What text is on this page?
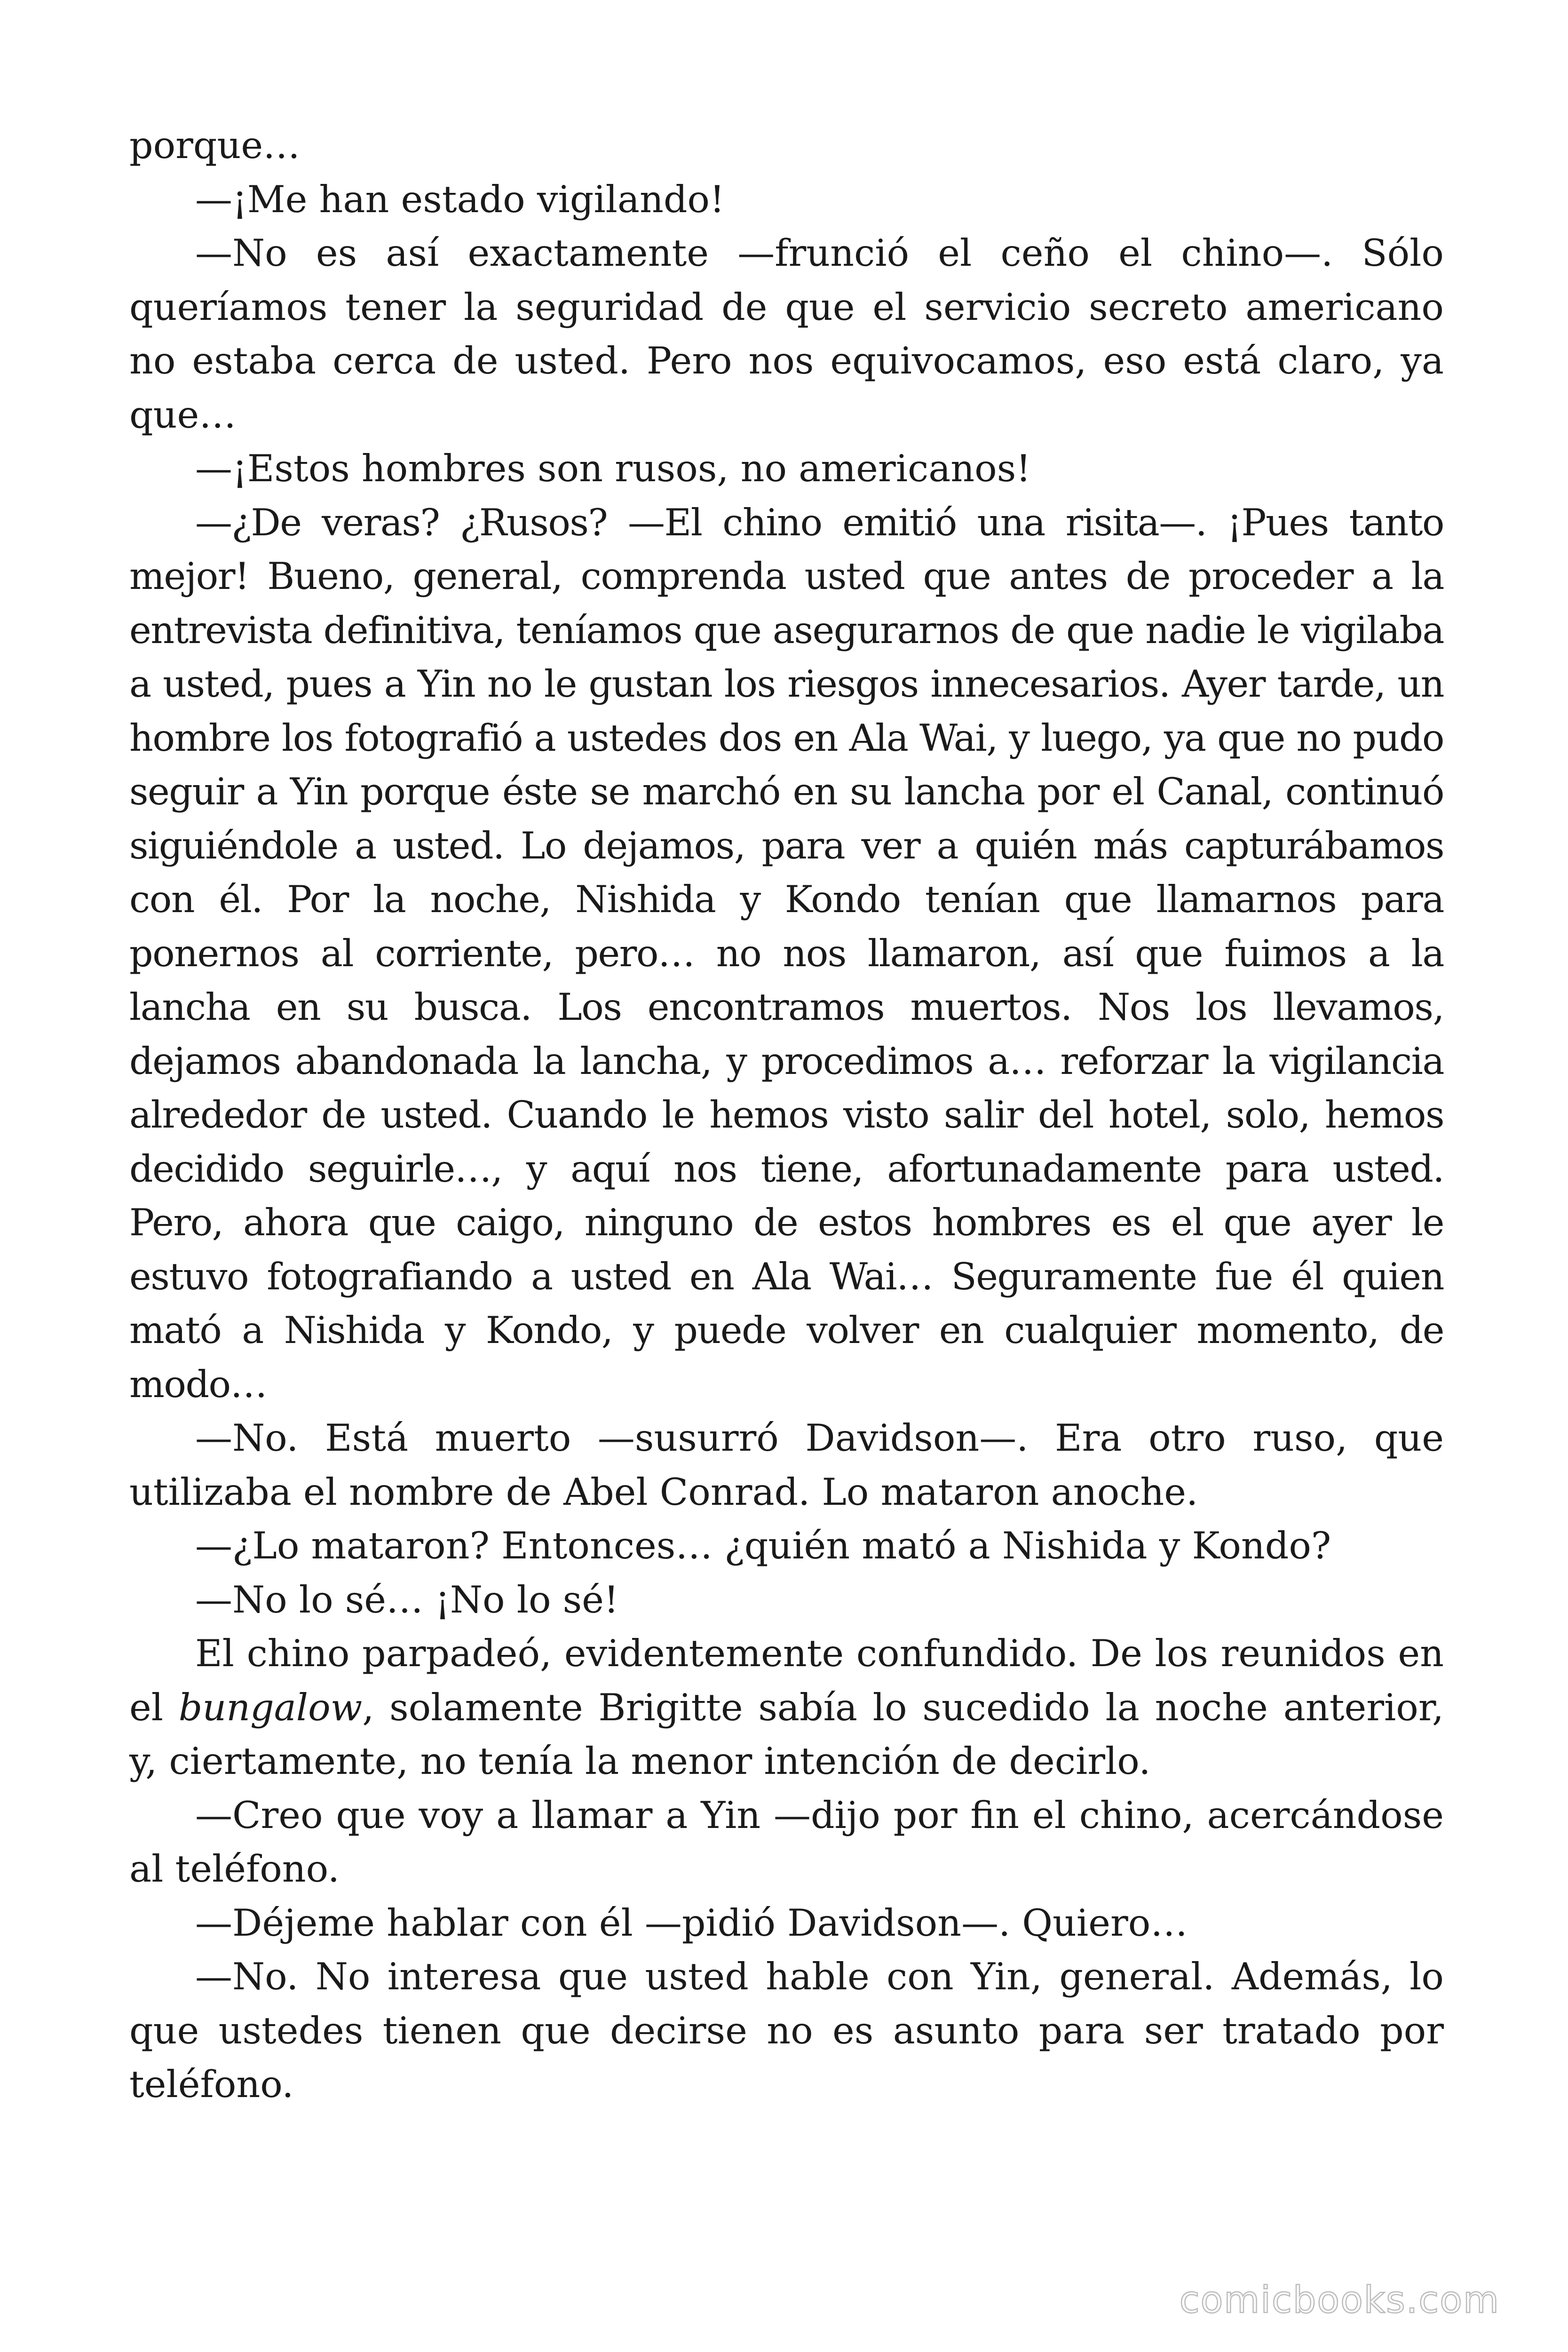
porque…

—¡Me han estado vigilando!

—No es así exactamente —frunció el ceño el chino—. Sólo queríamos tener la seguridad de que el servicio secreto americano no estaba cerca de usted. Pero nos equivocamos, eso está claro, ya que…

—¡Estos hombres son rusos, no americanos!

—¿De veras? ¿Rusos? —El chino emitió una risita—. ¡Pues tanto mejor! Bueno, general, comprenda usted que antes de proceder a la entrevista definitiva, teníamos que asegurarnos de que nadie le vigilaba a usted, pues a Yin no le gustan los riesgos innecesarios. Ayer tarde, un hombre los fotografió a ustedes dos en Ala Wai, y luego, ya que no pudo seguir a Yin porque éste se marchó en su lancha por el Canal, continuó siguiéndole a usted. Lo dejamos, para ver a quién más capturábamos con él. Por la noche, Nishida y Kondo tenían que llamarnos para ponernos al corriente, pero… no nos llamaron, así que fuimos a la lancha en su busca. Los encontramos muertos. Nos los llevamos, dejamos abandonada la lancha, y procedimos a… reforzar la vigilancia alrededor de usted. Cuando le hemos visto salir del hotel, solo, hemos decidido seguirle…, y aquí nos tiene, afortunadamente para usted. Pero, ahora que caigo, ninguno de estos hombres es el que ayer le estuvo fotografiando a usted en Ala Wai… Seguramente fue él quien mató a Nishida y Kondo, y puede volver en cualquier momento, de modo…

—No. Está muerto —susurró Davidson—. Era otro ruso, que utilizaba el nombre de Abel Conrad. Lo mataron anoche.

—¿Lo mataron? Entonces… ¿quién mató a Nishida y Kondo?

—No lo sé… ¡No lo sé!

El chino parpadeó, evidentemente confundido. De los reunidos en el bungalow, solamente Brigitte sabía lo sucedido la noche anterior, y, ciertamente, no tenía la menor intención de decirlo.

—Creo que voy a llamar a Yin —dijo por fin el chino, acercándose al teléfono.

—Déjeme hablar con él —pidió Davidson—. Quiero…

—No. No interesa que usted hable con Yin, general. Además, lo que ustedes tienen que decirse no es asunto para ser tratado por teléfono.

comicbooks.com
